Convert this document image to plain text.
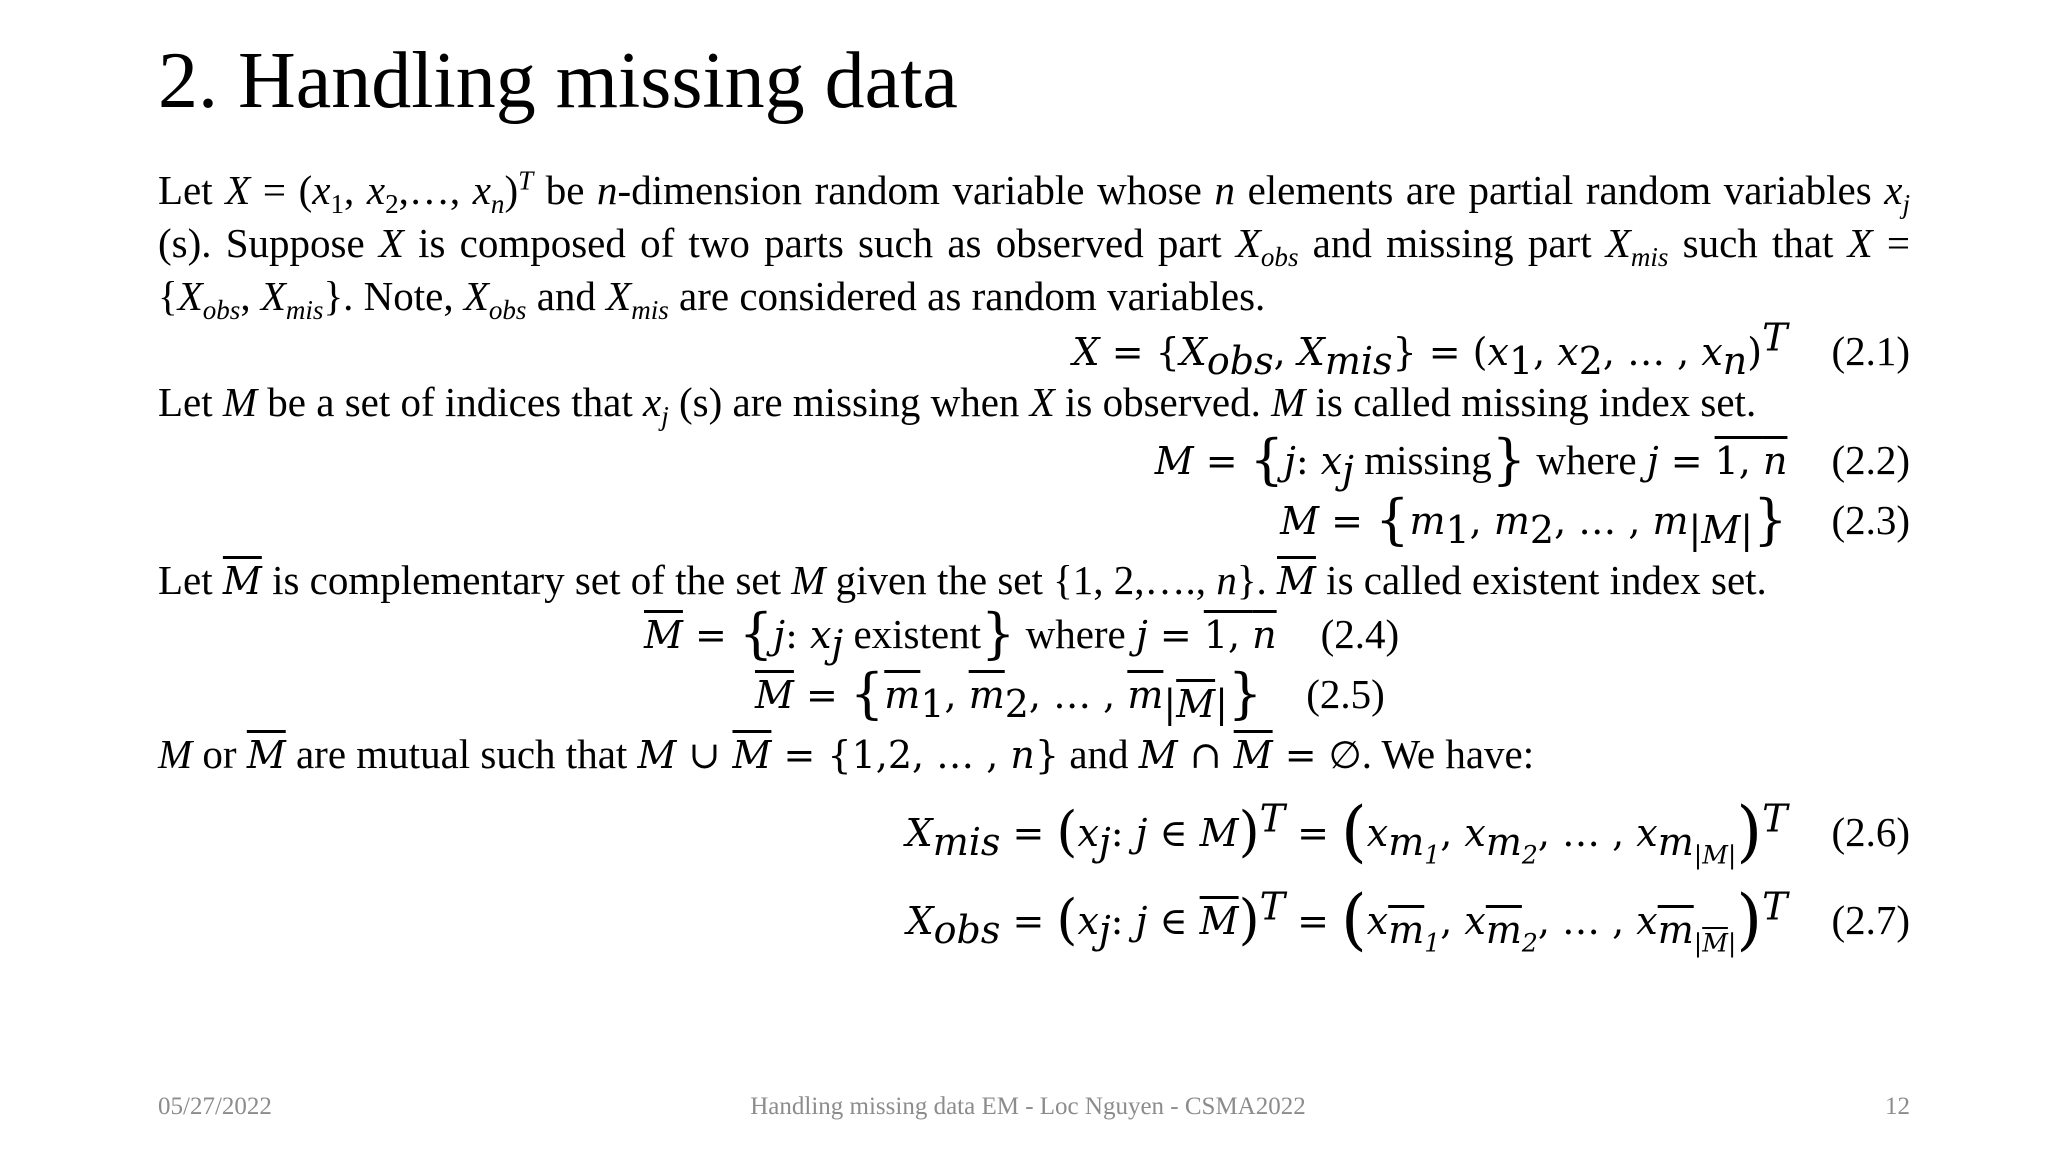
2. Handling missing data
Let $X = (x_1$, $x_2,\dots$, $x_n)^T$ be n-dimension random variable whose n elements are partial random variables $x_j$ (s). Suppose X is composed of two parts such as observed part $X_{obs}$ and missing part $X_{mis}$ such that $X = \{X_{obs}$, $X_{mis}$}. Note, $X_{obs}$ and $X_{mis}$ are considered as random variables.
$X = \{X_{obs}$, $X_{mis}\} = (x_1$, $x_2$, … , $x_n)^T$ (2.1)
Let M be a set of indices that $x_j$ (s) are missing when X is observed. M is called missing index set.
M = {j: $x_j$ missing} where j = 1, n (2.2)
$M = \{m_1$, $m_2$, … , $m_{|M|}$} (2.3)
Let $\overline{M}$ is complementary set of the set M given the set {1, 2,…., n}. $\overline{M}$ is called existent index set.
$\overline{M} = \{j$: $x_j$ existent} where j = 1, n (2.4)
$\overline{M} = \{\overline{m}_1$, $\overline{m}_2$, … , $\overline{m}_{|\overline{M}|}$} (2.5)
M or $\overline{M}$ are mutual such that M ∪ $\overline{M} = \{1,2$, … , n} and M ∩ $\overline{M}$ = ∅. We have:
$X_{mis} = (x_j$: j ∈ $M)^T = (x_{m_1}$, $x_{m_2}$, … , $x_{m_{|M|}})^T$ (2.6)
$X_{obs} = (x_j$: j ∈ $\overline{M})^T = (x_{\overline{m}_1}$, $x_{\overline{m}_2}$, … , $x_{\overline{m}_{|\overline{M}|}})^T$ (2.7)
05/27/2022	Handling missing data EM - Loc Nguyen - CSMA2022	12
